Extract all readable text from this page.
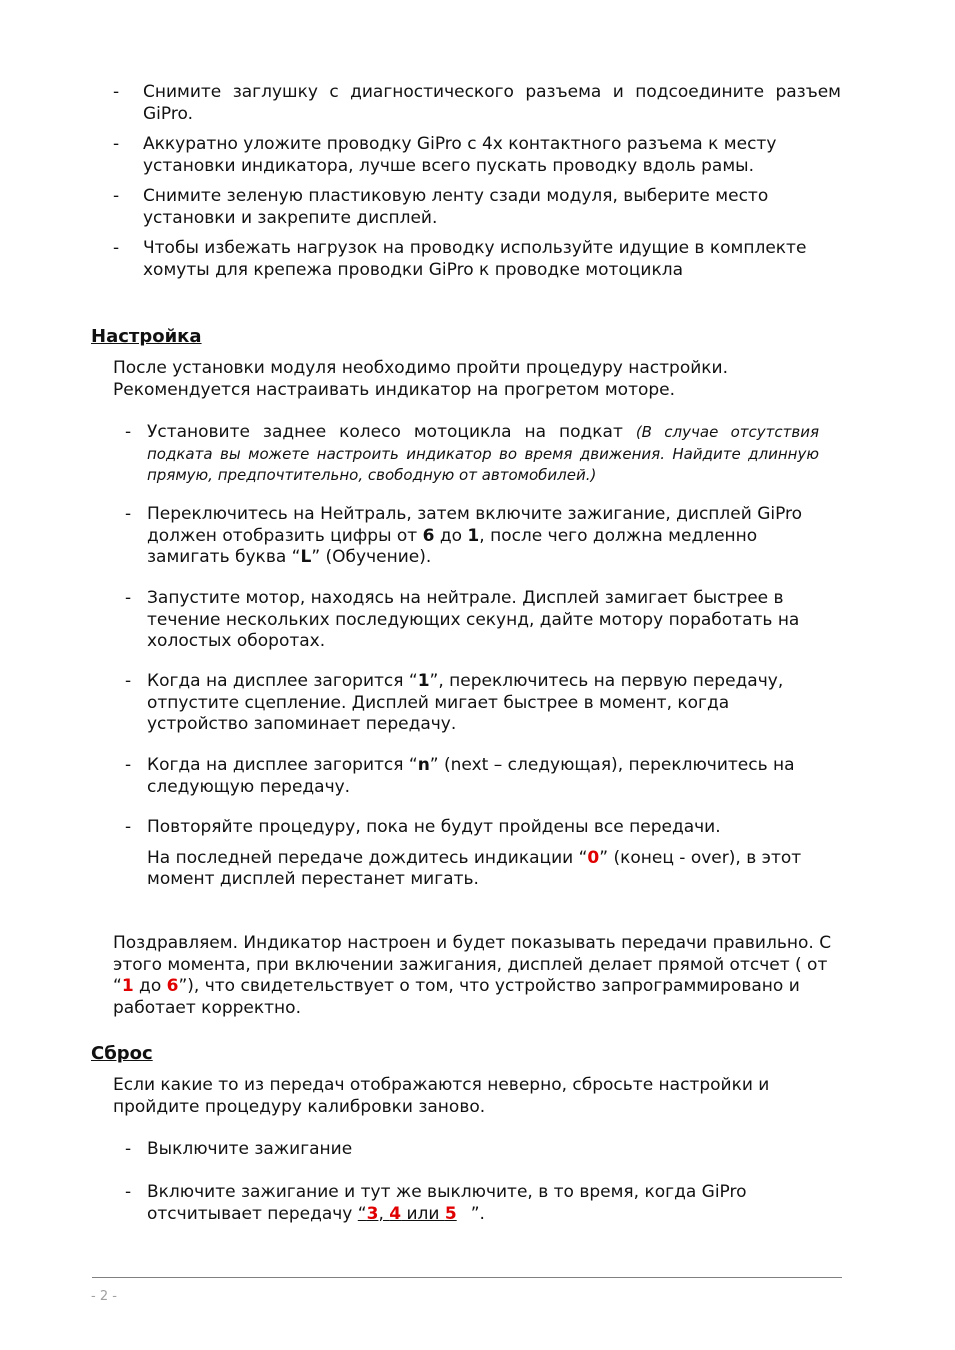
- Снимите заглушку с диагностического разъема и подсоедините разъем GiPro.
- Аккуратно уложите проводку GiPro с 4х контактного разъема к месту установки индикатора, лучше всего пускать проводку вдоль рамы.
- Снимите зеленую пластиковую ленту сзади модуля, выберите место установки и закрепите дисплей.
- Чтобы избежать нагрузок на проводку используйте идущие в комплекте хомуты для крепежа проводки GiPro к проводке мотоцикла
Настройка
После установки модуля необходимо пройти процедуру настройки. Рекомендуется настраивать индикатор на прогретом моторе.
- Установите заднее колесо мотоцикла на подкат (В случае отсутствия подката вы можете настроить индикатор во время движения. Найдите длинную прямую, предпочтительно, свободную от автомобилей.)
- Переключитесь на Нейтраль, затем включите зажигание, дисплей GiPro должен отобразить цифры от 6 до 1, после чего должна медленно замигать буква “L” (Обучение).
- Запустите мотор, находясь на нейтрале. Дисплей замигает быстрее в течение нескольких последующих секунд, дайте мотору поработать на холостых оборотах.
- Когда на дисплее загорится “1”, переключитесь на первую передачу, отпустите сцепление. Дисплей мигает быстрее в момент, когда устройство запоминает передачу.
- Когда на дисплее загорится “n” (next – следующая), переключитесь на следующую передачу.
- Повторяйте процедуру, пока не будут пройдены все передачи.
На последней передаче дождитесь индикации “0” (конец - over), в этот момент дисплей перестанет мигать.
Поздравляем. Индикатор настроен и будет показывать передачи правильно. С этого момента, при включении зажигания, дисплей делает прямой отсчет ( от “1 до 6”), что свидетельствует о том, что устройство запрограммировано и работает корректно.
Сброс
Если какие то из передач отображаются неверно, сбросьте настройки и пройдите процедуру калибровки заново.
- Выключите зажигание
- Включите зажигание и тут же выключите, в то время, когда GiPro отсчитывает передачу “3, 4 или 5 ”.
- 2 -
